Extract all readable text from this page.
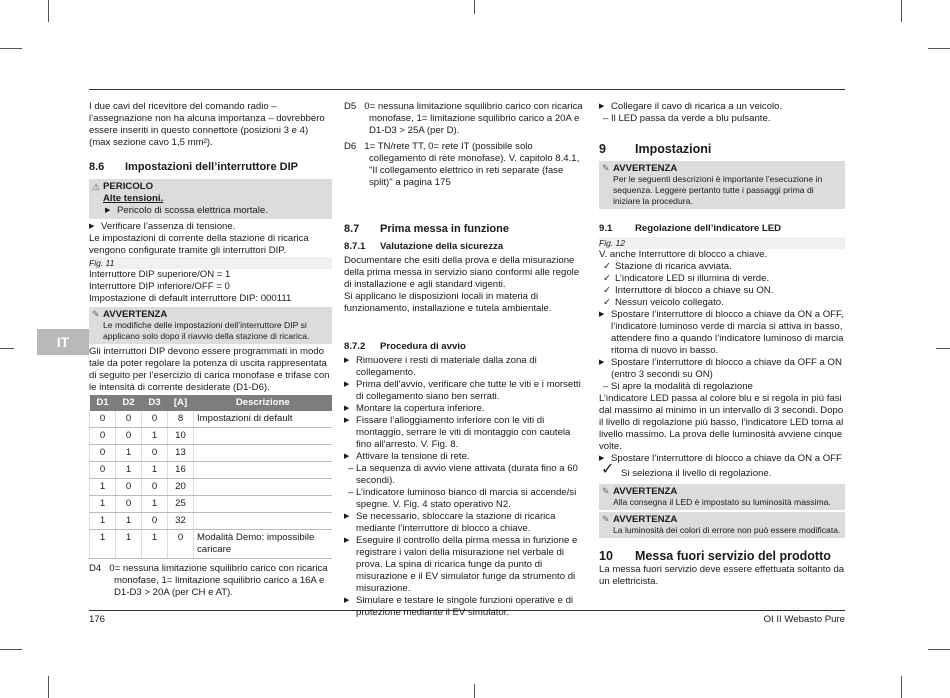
IT

I due cavi del ricevitore del comando radio – l’assegnazione non ha alcuna importanza – dovrebbero essere inseriti in questo connettore (posizioni 3 e 4) (max sezione cavo 1,5 mm²).

8.6 Impostazioni dell’interruttore DIP
⚠ PERICOLO
Alte tensioni.
▶ Pericolo di scossa elettrica mortale.
▶ Verificare l’assenza di tensione.

Le impostazioni di corrente della stazione di ricarica vengono configurate tramite gli interruttori DIP.

Fig. 11

Interruttore DIP superiore/ON = 1

Interruttore DIP inferiore/OFF = 0

Impostazione di default interruttore DIP: 000111

✎ AVVERTENZA
Le modifiche delle impostazioni dell’interruttore DIP si applicano solo dopo il riavvio della stazione di ricarica.

Gli interruttori DIP devono essere programmati in modo tale da poter regolare la potenza di uscita rappresentata di seguito per l’esercizio di carica monofase e trifase con le intensità di corrente desiderate (D1-D6).

D1	D2	D3	[A]	Descrizione
0	0	0	8	Impostazioni di default
0	0	1	10	
0	1	0	13	
0	1	1	16	
1	0	0	20	
1	0	1	25	
1	1	0	32	
1	1	1	0	Modalità Demo: impossibile caricare

D4   0= nessuna limitazione squilibrio carico con ricarica monofase, 1= limitazione squilibrio carico a 16A e D1-D3 > 20A (per CH e AT).

D5   0= nessuna limitazione squilibrio carico con ricarica monofase, 1= limitazione squilibrio carico a 20A e D1-D3 > 25A (per D).

D6   1= TN/rete TT, 0= rete IT (possibile solo collegamento di rete monofase). V. capitolo 8.4.1, "Il collegamento elettrico in reti separate (fase split)" a pagina 175

8.7 Prima messa in funzione
8.7.1 Valutazione della sicurezza

Documentare che esiti della prova e della misurazione della prima messa in servizio siano conformi alle regole di installazione e agli standard vigenti.

Si applicano le disposizioni locali in materia di funzionamento, installazione e tutela ambientale.

8.7.2 Procedura di avvio
▶ Rimuovere i resti di materiale dalla zona di collegamento.
▶ Prima dell'avvio, verificare che tutte le viti e i morsetti di collegamento siano ben serrati.
▶ Montare la copertura inferiore.
▶ Fissare l’alloggiamento inferiore con le viti di montaggio, serrare le viti di montaggio con cautela fino all'arresto. V. Fig. 8.
▶ Attivare la tensione di rete.
– La sequenza di avvio viene attivata (durata fino a 60 secondi).
– L’indicatore luminoso bianco di marcia si accende/si spegne. V. Fig. 4 stato operativo N2.
▶ Se necessario, sbloccare la stazione di ricarica mediante l’interruttore di blocco a chiave.
▶ Eseguire il controllo della pirma messa in funzione e registrare i valori della misurazione nel verbale di prova. La spina di ricarica funge da punto di misurazione e il EV simulator funge da strumento di misurazione.
▶ Simulare e testare le singole funzioni operative e di protezione mediante il EV simulator.
▶ Collegare il cavo di ricarica a un veicolo.
– Il LED passa da verde a blu pulsante.
9 Impostazioni
✎ AVVERTENZA
Per le seguenti descrizioni è importante l’esecuzione in sequenza. Leggere pertanto tutte i passaggi prima di iniziare la procedura.
9.1 Regolazione dell’indicatore LED
Fig. 12

V. anche Interruttore di blocco a chiave.

✓ Stazione di ricarica avviata.
✓ L’indicatore LED si illumina di verde.
✓ Interruttore di blocco a chiave su ON.
✓ Nessun veicolo collegato.
▶ Spostare l’interruttore di blocco a chiave da ON a OFF, l’indicatore luminoso verde di marcia si attiva in basso, attendere fino a quando l’indicatore luminoso di marcia ritorna di nuovo in basso.
▶ Spostare l’interruttore di blocco a chiave da OFF a ON (entro 3 secondi su ON)
– Si apre la modalità di regolazione

L’indicatore LED passa al colore blu e si regola in più fasi dal massimo al minimo in un intervallo di 3 secondi. Dopo il livello di regolazione più basso, l’indicatore LED torna al livello massimo. La prova delle luminosità avviene cinque volte.

▶ Spostare l’interruttore di blocco a chiave da ON a OFF
✓ Si seleziona il livello di regolazione.
✎ AVVERTENZA
Alla consegna il LED è impostato su luminosità massima.
✎ AVVERTENZA
La luminosità dei colori di errore non può essere modificata.
10 Messa fuori servizio del prodotto

La messa fuori servizio deve essere effettuata soltanto da un elettricista.

176	OI II Webasto Pure
